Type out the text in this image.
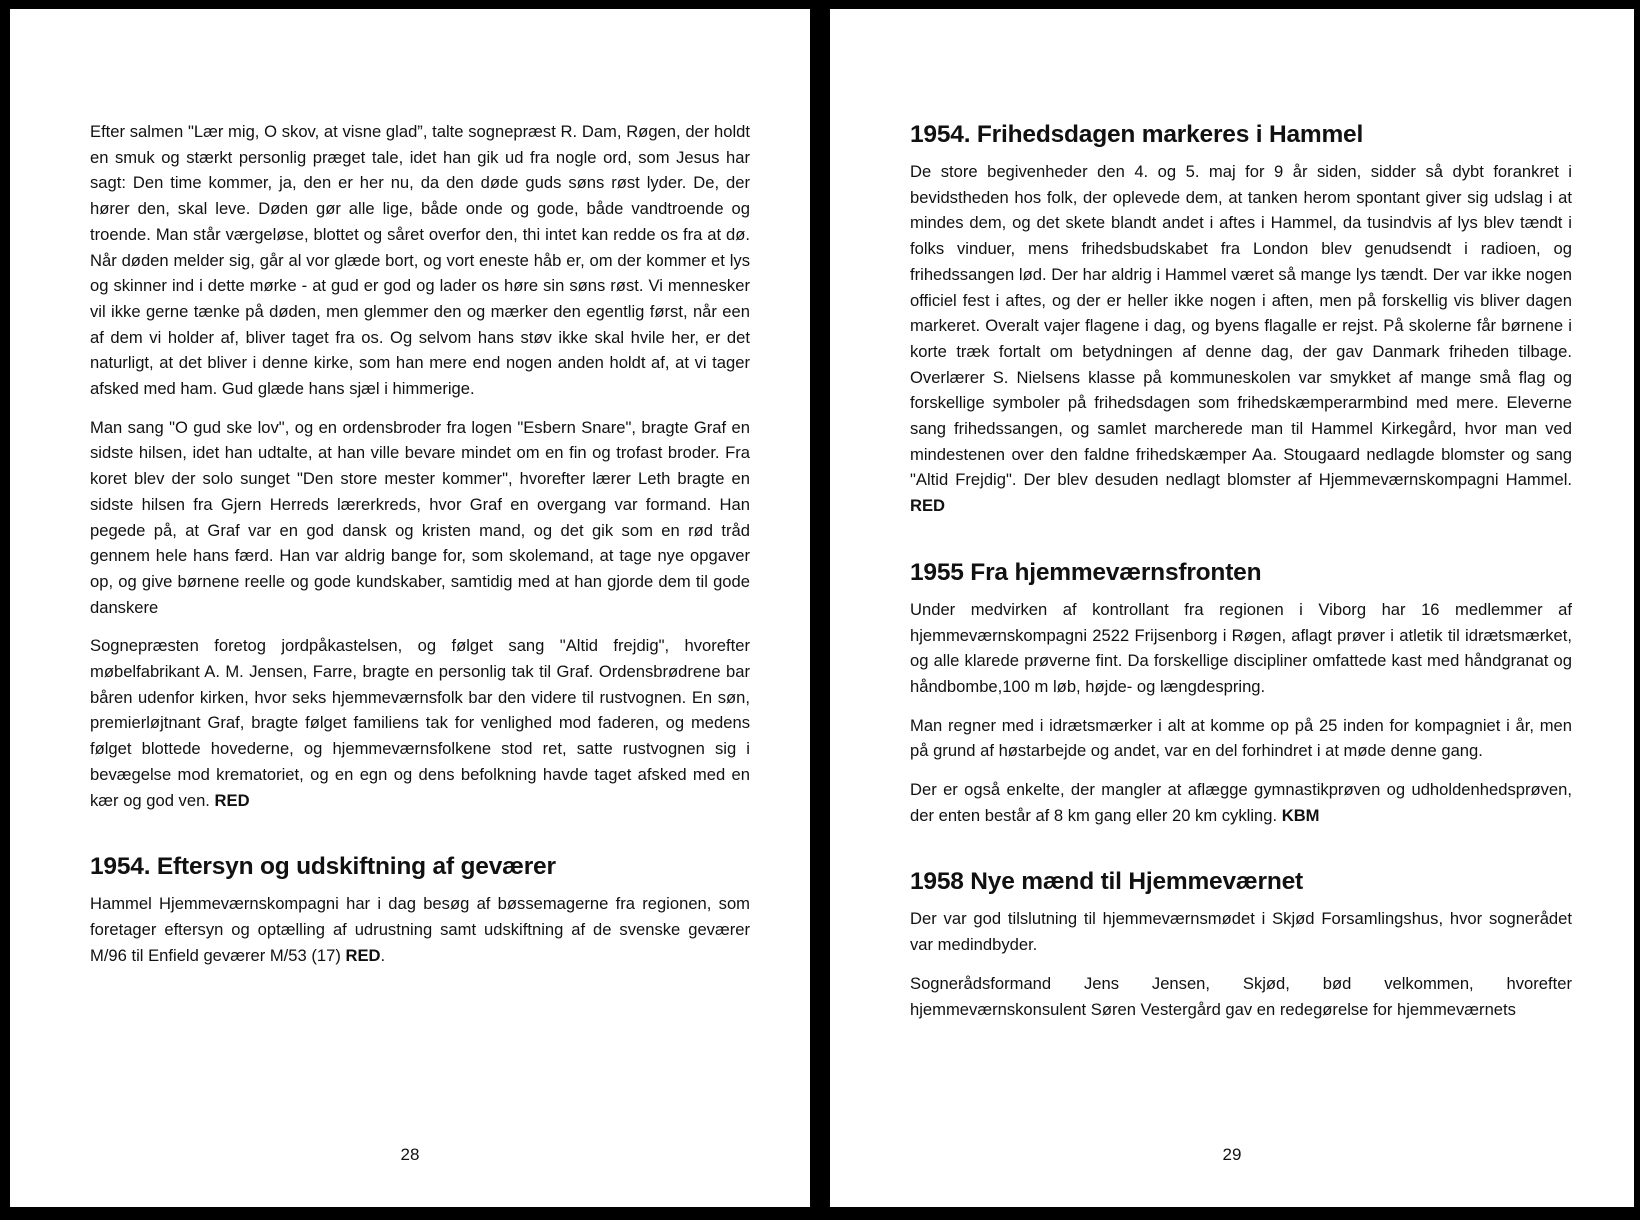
Efter salmen "Lær mig, O skov, at visne glad”, talte sognepræst R. Dam, Røgen, der holdt en smuk og stærkt personlig præget tale, idet han gik ud fra nogle ord, som Jesus har sagt: Den time kommer, ja, den er her nu, da den døde guds søns røst lyder. De, der hører den, skal leve. Døden gør alle lige, både onde og gode, både vandtroende og troende. Man står værgeløse, blottet og såret overfor den, thi intet kan redde os fra at dø. Når døden melder sig, går al vor glæde bort, og vort eneste håb er, om der kommer et lys og skinner ind i dette mørke - at gud er god og lader os høre sin søns røst. Vi mennesker vil ikke gerne tænke på døden, men glemmer den og mærker den egentlig først, når een af dem vi holder af, bliver taget fra os. Og selvom hans støv ikke skal hvile her, er det naturligt, at det bliver i denne kirke, som han mere end nogen anden holdt af, at vi tager afsked med ham. Gud glæde hans sjæl i himmerige.

Man sang "O gud ske lov", og en ordensbroder fra logen "Esbern Snare", bragte Graf en sidste hilsen, idet han udtalte, at han ville bevare mindet om en fin og trofast broder. Fra koret blev der solo sunget "Den store mester kommer", hvorefter lærer Leth bragte en sidste hilsen fra Gjern Herreds lærerkreds, hvor Graf en overgang var formand. Han pegede på, at Graf var en god dansk og kristen mand, og det gik som en rød tråd gennem hele hans færd. Han var aldrig bange for, som skolemand, at tage nye opgaver op, og give børnene reelle og gode kundskaber, samtidig med at han gjorde dem til gode danskere

Sognepræsten foretog jordpåkastelsen, og følget sang "Altid frejdig", hvorefter møbelfabrikant A. M. Jensen, Farre, bragte en personlig tak til Graf. Ordensbrødrene bar båren udenfor kirken, hvor seks hjemmeværnsfolk bar den videre til rustvognen. En søn, premierløjtnant Graf, bragte følget familiens tak for venlighed mod faderen, og medens følget blottede hovederne, og hjemmeværnsfolkene stod ret, satte rustvognen sig i bevægelse mod krematoriet, og en egn og dens befolkning havde taget afsked med en kær og god ven. RED

1954. Eftersyn og udskiftning af geværer

Hammel Hjemmeværnskompagni har i dag besøg af bøssemagerne fra regionen, som foretager eftersyn og optælling af udrustning samt udskiftning af de svenske geværer M/96 til Enfield geværer M/53 (17) RED.

28
1954. Frihedsdagen markeres i Hammel

De store begivenheder den 4. og 5. maj for 9 år siden, sidder så dybt forankret i bevidstheden hos folk, der oplevede dem, at tanken herom spontant giver sig udslag i at mindes dem, og det skete blandt andet i aftes i Hammel, da tusindvis af lys blev tændt i folks vinduer, mens frihedsbudskabet fra London blev genudsendt i radioen, og frihedssangen lød. Der har aldrig i Hammel været så mange lys tændt. Der var ikke nogen officiel fest i aftes, og der er heller ikke nogen i aften, men på forskellig vis bliver dagen markeret. Overalt vajer flagene i dag, og byens flagalle er rejst. På skolerne får børnene i korte træk fortalt om betydningen af denne dag, der gav Danmark friheden tilbage. Overlærer S. Nielsens klasse på kommuneskolen var smykket af mange små flag og forskellige symboler på frihedsdagen som frihedskæmperarmbind med mere. Eleverne sang frihedssangen, og samlet marcherede man til Hammel Kirkegård, hvor man ved mindestenen over den faldne frihedskæmper Aa. Stougaard nedlagde blomster og sang "Altid Frejdig". Der blev desuden nedlagt blomster af Hjemmeværnskompagni Hammel. RED

1955 Fra hjemmeværnsfronten

Under medvirken af kontrollant fra regionen i Viborg har 16 medlemmer af hjemmeværnskompagni 2522 Frijsenborg i Røgen, aflagt prøver i atletik til idrætsmærket, og alle klarede prøverne fint. Da forskellige discipliner omfattede kast med håndgranat og håndbombe,100 m løb, højde- og længdespring.

Man regner med i idrætsmærker i alt at komme op på 25 inden for kompagniet i år, men på grund af høstarbejde og andet, var en del forhindret i at møde denne gang.

Der er også enkelte, der mangler at aflægge gymnastikprøven og udholdenhedsprøven, der enten består af 8 km gang eller 20 km cykling. KBM

1958 Nye mænd til Hjemmeværnet

Der var god tilslutning til hjemmeværnsmødet i Skjød Forsamlingshus, hvor sognerådet var medindbyder.

Sognerådsformand Jens Jensen, Skjød, bød velkommen, hvorefter hjemmeværnskonsulent Søren Vestergård gav en redegørelse for hjemmeværnets

29
